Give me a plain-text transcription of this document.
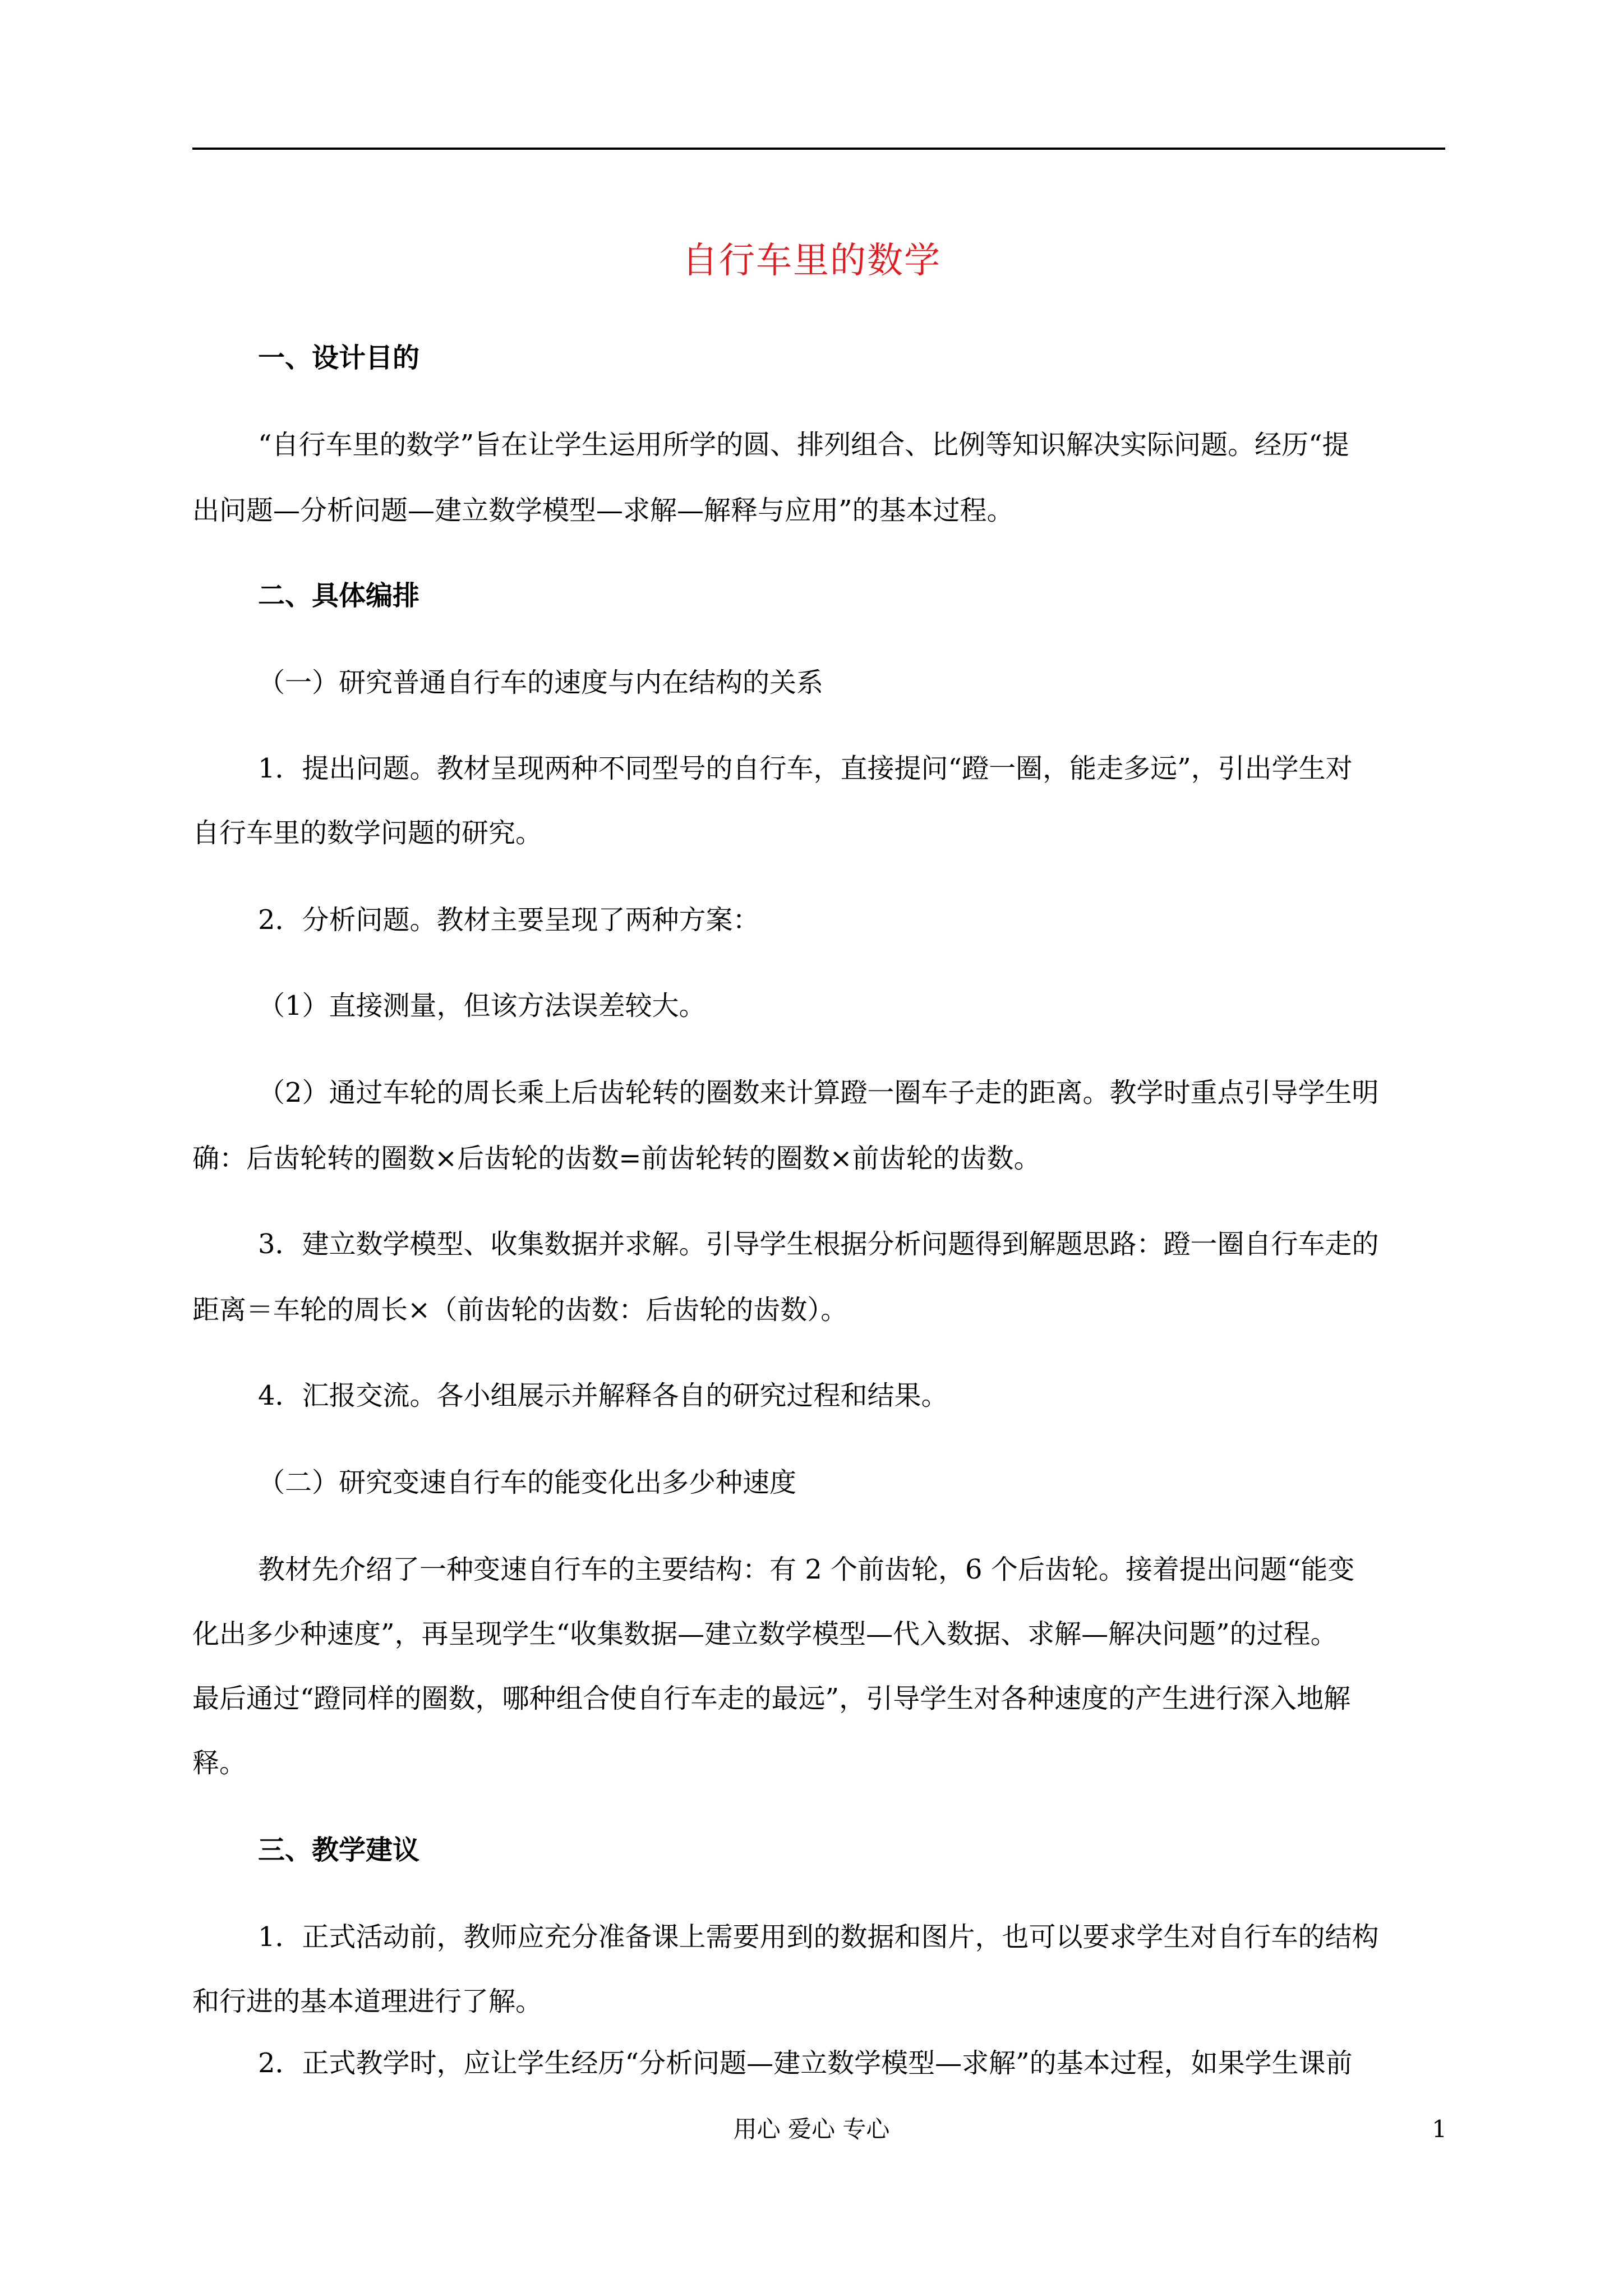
自行车里的数学
一、设计目的
“自行车里的数学”旨在让学生运用所学的圆、排列组合、比例等知识解决实际问题。经历“提
出问题—分析问题—建立数学模型—求解—解释与应用”的基本过程。
二、具体编排
（一）研究普通自行车的速度与内在结构的关系
1．提出问题。教材呈现两种不同型号的自行车，直接提问“蹬一圈，能走多远”，引出学生对
自行车里的数学问题的研究。
2．分析问题。教材主要呈现了两种方案：
（1）直接测量，但该方法误差较大。
（2）通过车轮的周长乘上后齿轮转的圈数来计算蹬一圈车子走的距离。教学时重点引导学生明
确：后齿轮转的圈数×后齿轮的齿数=前齿轮转的圈数×前齿轮的齿数。
3．建立数学模型、收集数据并求解。引导学生根据分析问题得到解题思路：蹬一圈自行车走的
距离＝车轮的周长×（前齿轮的齿数：后齿轮的齿数）。
4．汇报交流。各小组展示并解释各自的研究过程和结果。
（二）研究变速自行车的能变化出多少种速度
教材先介绍了一种变速自行车的主要结构：有 2 个前齿轮，6 个后齿轮。接着提出问题“能变
化出多少种速度”，再呈现学生“收集数据—建立数学模型—代入数据、求解—解决问题”的过程。
最后通过“蹬同样的圈数，哪种组合使自行车走的最远”，引导学生对各种速度的产生进行深入地解
释。
三、教学建议
1．正式活动前，教师应充分准备课上需要用到的数据和图片，也可以要求学生对自行车的结构
和行进的基本道理进行了解。
2．正式教学时，应让学生经历“分析问题—建立数学模型—求解”的基本过程，如果学生课前
用心 爱心 专心	1
